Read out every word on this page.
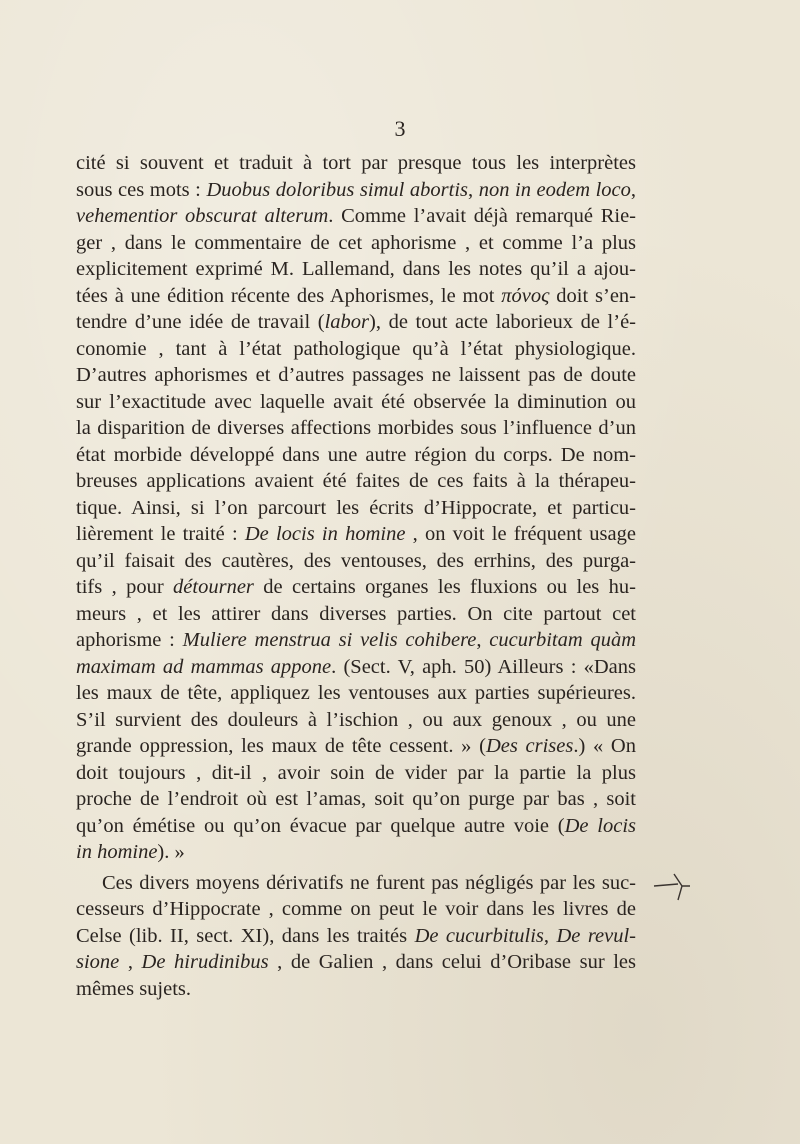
3
cité si souvent et traduit à tort par presque tous les interprètes
sous ces mots : Duobus doloribus simul abortis, non in eodem loco,
vehementior obscurat alterum. Comme l’avait déjà remarqué Rie-
ger , dans le commentaire de cet aphorisme , et comme l’a plus
explicitement exprimé M. Lallemand, dans les notes qu’il a ajou-
tées à une édition récente des Aphorismes, le mot πόνος doit s’en-
tendre d’une idée de travail (labor), de tout acte laborieux de l’é-
conomie , tant à l’état pathologique qu’à l’état physiologique.
D’autres aphorismes et d’autres passages ne laissent pas de doute
sur l’exactitude avec laquelle avait été observée la diminution ou
la disparition de diverses affections morbides sous l’influence d’un
état morbide développé dans une autre région du corps. De nom-
breuses applications avaient été faites de ces faits à la thérapeu-
tique. Ainsi, si l’on parcourt les écrits d’Hippocrate, et particu-
lièrement le traité : De locis in homine , on voit le fréquent usage
qu’il faisait des cautères, des ventouses, des errhins, des purga-
tifs , pour détourner de certains organes les fluxions ou les hu-
meurs , et les attirer dans diverses parties. On cite partout cet
aphorisme : Muliere menstrua si velis cohibere, cucurbitam quàm
maximam ad mammas appone. (Sect. V, aph. 50) Ailleurs : «Dans
les maux de tête, appliquez les ventouses aux parties supérieures.
S’il survient des douleurs à l’ischion , ou aux genoux , ou une
grande oppression, les maux de tête cessent. » (Des crises.) « On
doit toujours , dit-il , avoir soin de vider par la partie la plus
proche de l’endroit où est l’amas, soit qu’on purge par bas , soit
qu’on émétise ou qu’on évacue par quelque autre voie (De locis
in homine). »
Ces divers moyens dérivatifs ne furent pas négligés par les suc-
cesseurs d’Hippocrate , comme on peut le voir dans les livres de
Celse (lib. II, sect. XI), dans les traités De cucurbitulis, De revul-
sione , De hirudinibus , de Galien , dans celui d’Oribase sur les
mêmes sujets.
